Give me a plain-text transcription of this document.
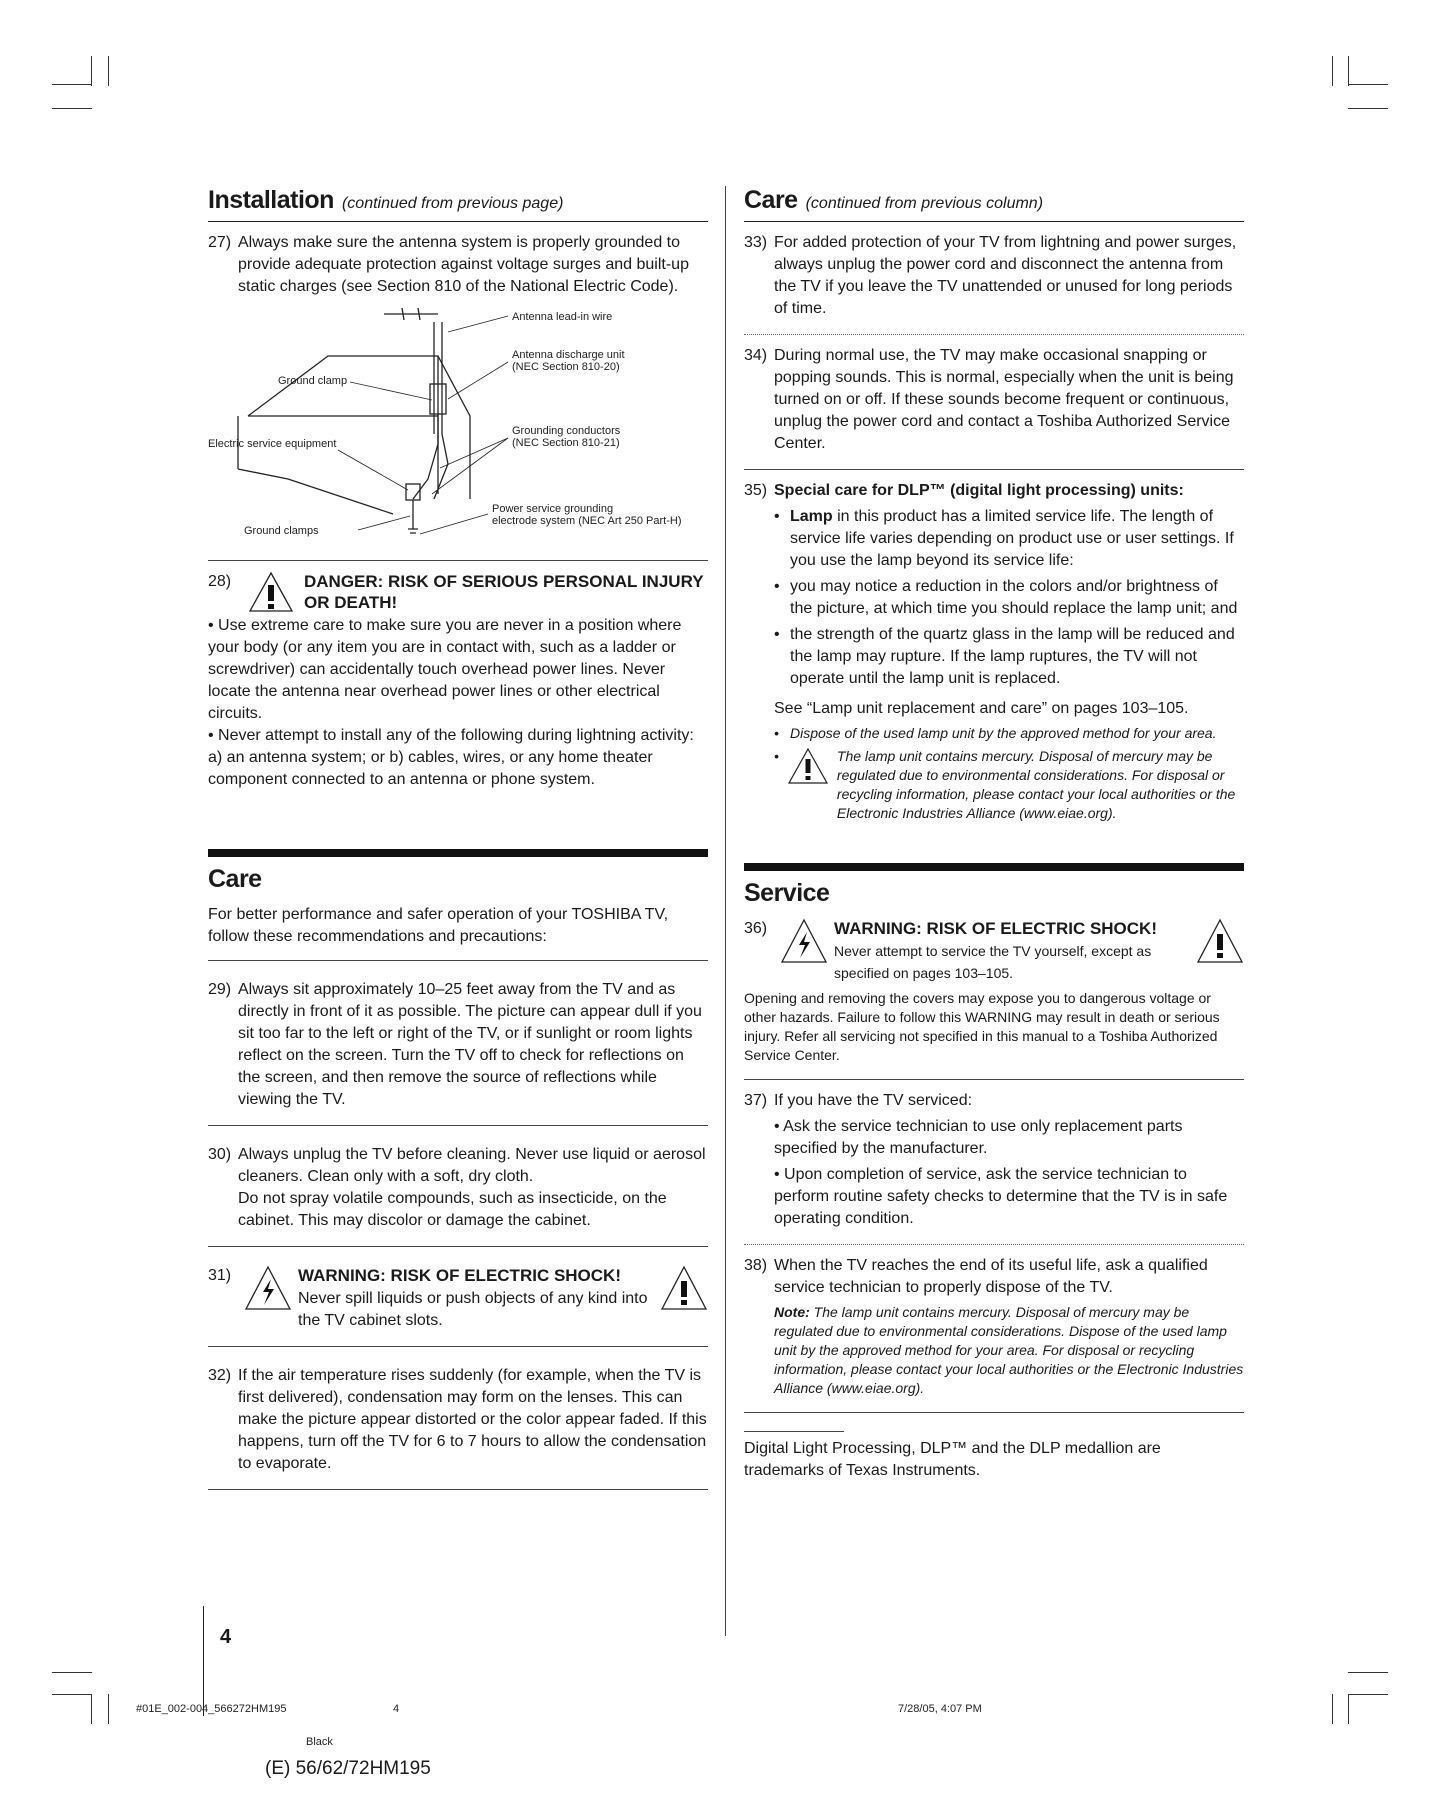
Installation (continued from previous page)
27) Always make sure the antenna system is properly grounded to provide adequate protection against voltage surges and built-up static charges (see Section 810 of the National Electric Code).
Antenna lead-in wire
Antenna discharge unit
(NEC Section 810-20)
Ground clamp
Electric service equipment
Grounding conductors
(NEC Section 810-21)
Power service grounding
electrode system (NEC Art 250 Part-H)
Ground clamps
28)	DANGER: RISK OF SERIOUS PERSONAL INJURY OR DEATH!
• Use extreme care to make sure you are never in a position where your body (or any item you are in contact with, such as a ladder or screwdriver) can accidentally touch overhead power lines. Never locate the antenna near overhead power lines or other electrical circuits.
• Never attempt to install any of the following during lightning activity: a) an antenna system; or b) cables, wires, or any home theater component connected to an antenna or phone system.
Care
For better performance and safer operation of your TOSHIBA TV, follow these recommendations and precautions:
29) Always sit approximately 10–25 feet away from the TV and as directly in front of it as possible. The picture can appear dull if you sit too far to the left or right of the TV, or if sunlight or room lights reflect on the screen. Turn the TV off to check for reflections on the screen, and then remove the source of reflections while viewing the TV.
30) Always unplug the TV before cleaning. Never use liquid or aerosol cleaners. Clean only with a soft, dry cloth.
Do not spray volatile compounds, such as insecticide, on the cabinet. This may discolor or damage the cabinet.
31)	WARNING: RISK OF ELECTRIC SHOCK!
Never spill liquids or push objects of any kind into the TV cabinet slots.
32) If the air temperature rises suddenly (for example, when the TV is first delivered), condensation may form on the lenses. This can make the picture appear distorted or the color appear faded. If this happens, turn off the TV for 6 to 7 hours to allow the condensation to evaporate.
Care (continued from previous column)
33) For added protection of your TV from lightning and power surges, always unplug the power cord and disconnect the antenna from the TV if you leave the TV unattended or unused for long periods of time.
34) During normal use, the TV may make occasional snapping or popping sounds. This is normal, especially when the unit is being turned on or off. If these sounds become frequent or continuous, unplug the power cord and contact a Toshiba Authorized Service Center.
35) Special care for DLP™ (digital light processing) units:
• Lamp in this product has a limited service life. The length of service life varies depending on product use or user settings. If you use the lamp beyond its service life:
• you may notice a reduction in the colors and/or brightness of the picture, at which time you should replace the lamp unit; and
• the strength of the quartz glass in the lamp will be reduced and the lamp may rupture. If the lamp ruptures, the TV will not operate until the lamp unit is replaced.
See “Lamp unit replacement and care” on pages 103–105.
• Dispose of the used lamp unit by the approved method for your area.
•	The lamp unit contains mercury. Disposal of mercury may be regulated due to environmental considerations. For disposal or recycling information, please contact your local authorities or the Electronic Industries Alliance (www.eiae.org).
Service
36)	WARNING: RISK OF ELECTRIC SHOCK!
Never attempt to service the TV yourself, except as specified on pages 103–105.
Opening and removing the covers may expose you to dangerous voltage or other hazards. Failure to follow this WARNING may result in death or serious injury. Refer all servicing not specified in this manual to a Toshiba Authorized Service Center.
37) If you have the TV serviced:
• Ask the service technician to use only replacement parts specified by the manufacturer.
• Upon completion of service, ask the service technician to perform routine safety checks to determine that the TV is in safe operating condition.
38) When the TV reaches the end of its useful life, ask a qualified service technician to properly dispose of the TV.
Note: The lamp unit contains mercury. Disposal of mercury may be regulated due to environmental considerations. Dispose of the used lamp unit by the approved method for your area. For disposal or recycling information, please contact your local authorities or the Electronic Industries Alliance (www.eiae.org).
Digital Light Processing, DLP™ and the DLP medallion are trademarks of Texas Instruments.
4
#01E_002-004_566272HM195	4	7/28/05, 4:07 PM
Black
(E) 56/62/72HM195
